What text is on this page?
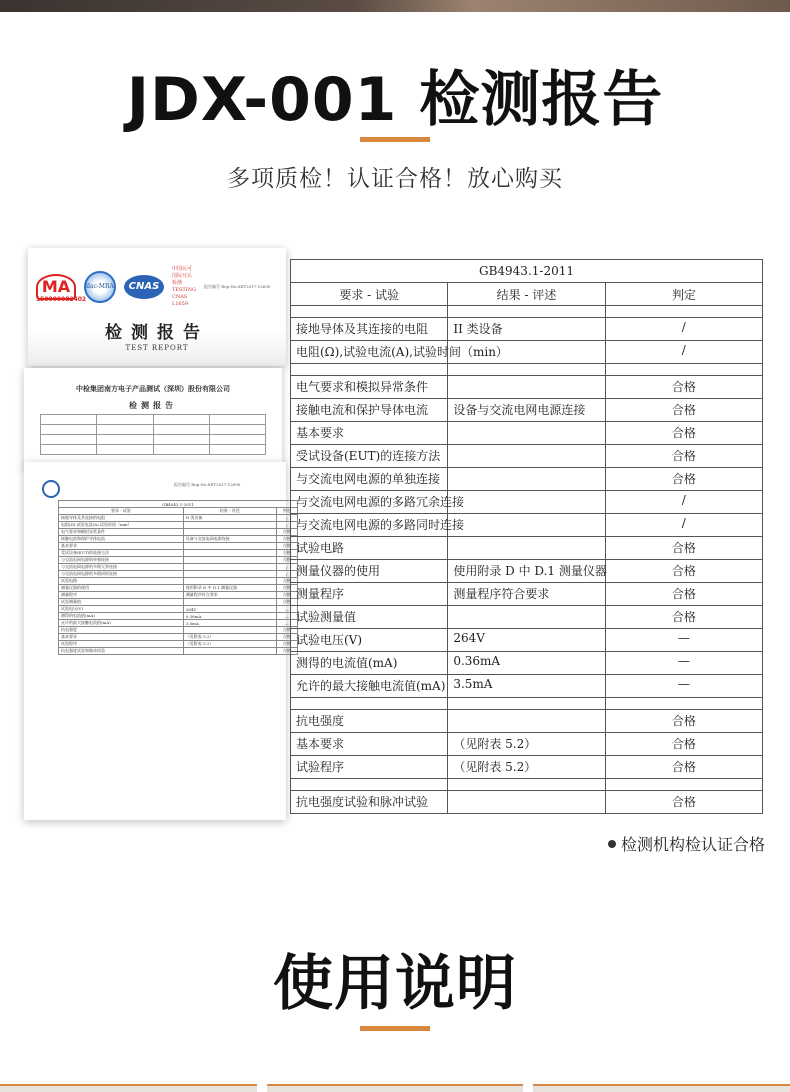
JDX-001 检测报告
多项质检！认证合格！放心购买
MA	ilac-MRA	CNAS
中国认可 国际互认 检测 TESTING CNAS L1659
报告编号 Rep.No:SET2017-12690
150000082402
检测报告
TEST REPORT
中检集团南方电子产品测试（深圳）股份有限公司
检测报告

报告编号 Rep.No:SET2017-12690
GB4943.1-2011		
要求 - 试验	结果 - 评述	判定
接地导体及其连接的电阻	II 类设备	/
电阻(Ω),试验电流(A),试验时间（min）		/
电气要求和模拟异常条件		合格
接触电流和保护导体电流	设备与交流电网电源连接	合格
基本要求		合格
受试设备(EUT)的连接方法		合格
与交流电网电源的单独连接		合格
与交流电网电源的多路冗余连接		/
与交流电网电源的多路同时连接		/
试验电路		合格
测量仪器的使用	使用附录 D 中 D.1 测量仪器	合格
测量程序	测量程序符合要求	合格
试验测量值		合格
试验电压(V)	264V	—
测得的电流值(mA)	0.36mA	—
允许的最大接触电流值(mA)	3.5mA	—
抗电强度		合格
基本要求	（见附表 5.2）	合格
试验程序	（见附表 5.2）	合格
抗电强度试验和脉冲试验		合格
GB4943.1-2011		
要求 - 试验	结果 - 评述	判定

接地导体及其连接的电阻	II 类设备	/
电阻(Ω),试验电流(A),试验时间（min）		/

电气要求和模拟异常条件		合格
接触电流和保护导体电流	设备与交流电网电源连接	合格
基本要求		合格
受试设备(EUT)的连接方法		合格
与交流电网电源的单独连接		合格
与交流电网电源的多路冗余连接		/
与交流电网电源的多路同时连接		/
试验电路		合格
测量仪器的使用	使用附录 D 中 D.1 测量仪器	合格
测量程序	测量程序符合要求	合格
试验测量值		合格
试验电压(V)	264V	—
测得的电流值(mA)	0.36mA	—
允许的最大接触电流值(mA)	3.5mA	—

抗电强度		合格
基本要求	（见附表 5.2）	合格
试验程序	（见附表 5.2）	合格

抗电强度试验和脉冲试验		合格
检测机构检认证合格
使用说明
